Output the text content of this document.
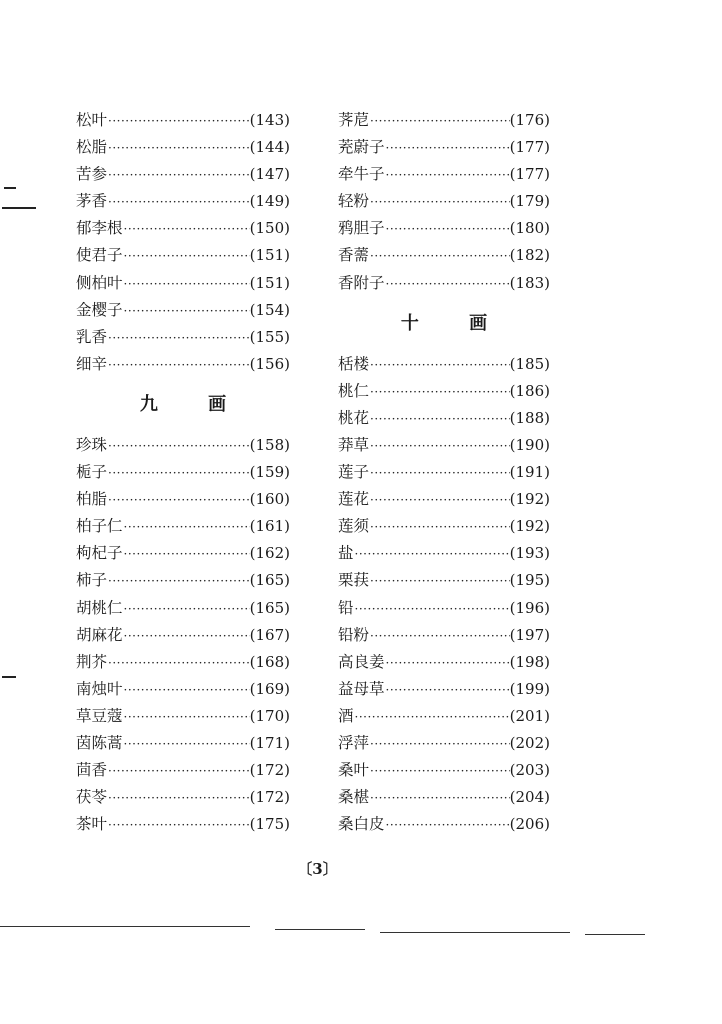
松叶 ·····	(143)
松脂 ·····	(144)
苦参 ·····	(147)
茅香 ·····	(149)
郁李根 ·····	(150)
使君子 ·····	(151)
侧柏叶 ·····	(151)
金樱子 ·····	(154)
乳香 ·····	(155)
细辛 ·····	(156)
九 画
珍珠 ·····	(158)
栀子 ·····	(159)
柏脂 ·····	(160)
柏子仁 ·····	(161)
枸杞子 ·····	(162)
柿子 ·····	(165)
胡桃仁 ·····	(165)
胡麻花 ·····	(167)
荆芥 ·····	(168)
南烛叶 ·····	(169)
草豆蔻 ·····	(170)
茵陈蒿 ·····	(171)
茴香 ·····	(172)
茯苓 ·····	(172)
茶叶 ·····	(175)
荠苨 ·····	(176)
茺蔚子 ·····	(177)
牵牛子 ·····	(177)
轻粉 ·····	(179)
鸦胆子 ·····	(180)
香薷 ·····	(182)
香附子 ·····	(183)
十 画
栝楼 ·····	(185)
桃仁 ·····	(186)
桃花 ·····	(188)
莽草 ·····	(190)
莲子 ·····	(191)
莲花 ·····	(192)
莲须 ·····	(192)
盐 ·····	(193)
栗荴 ·····	(195)
铅 ·····	(196)
铅粉 ·····	(197)
高良姜 ·····	(198)
益母草 ·····	(199)
酒 ·····	(201)
浮萍 ·····	(202)
桑叶 ·····	(203)
桑椹 ·····	(204)
桑白皮 ·····	(206)
〔3〕
